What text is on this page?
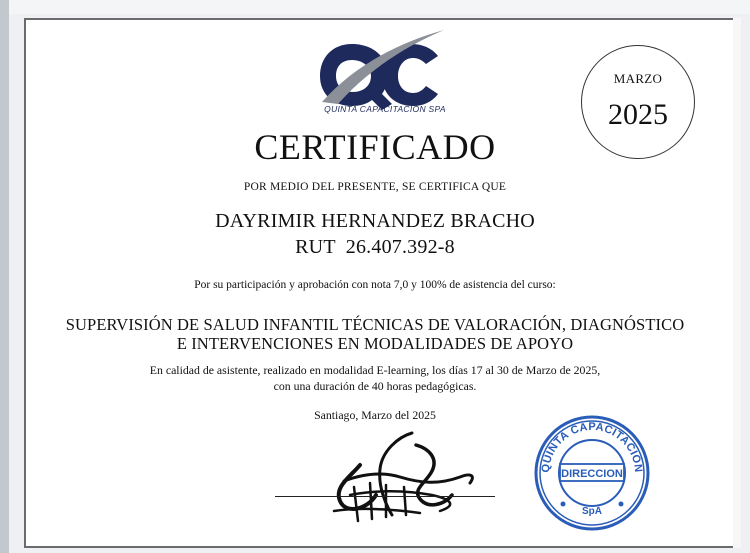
QUINTA CAPACITACIÓN SPA
MARZO
2025
CERTIFICADO
POR MEDIO DEL PRESENTE, SE CERTIFICA QUE
DAYRIMIR HERNANDEZ BRACHO
RUT  26.407.392-8
Por su participación y aprobación con nota 7,0 y 100% de asistencia del curso:
SUPERVISIÓN DE SALUD INFANTIL TÉCNICAS DE VALORACIÓN, DIAGNÓSTICO
E INTERVENCIONES EN MODALIDADES DE APOYO
En calidad de asistente, realizado en modalidad E-learning, los días 17 al 30 de Marzo de 2025,
con una duración de 40 horas pedagógicas.
Santiago, Marzo del 2025
QUINTA CAPACITACIÓN
DIRECCION
SpA
